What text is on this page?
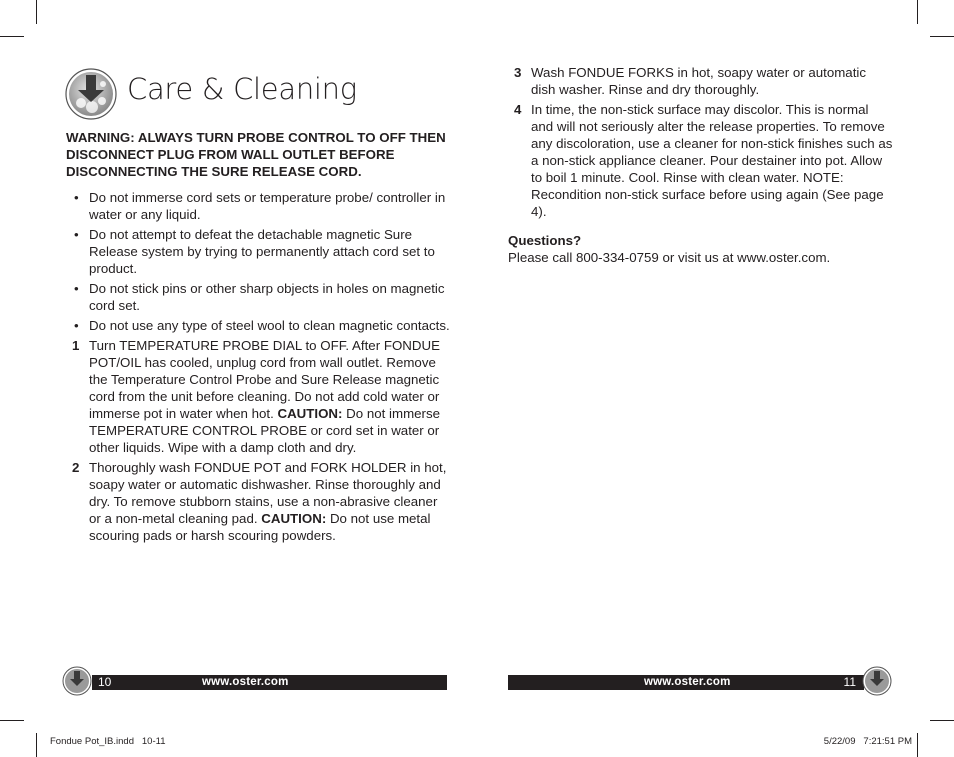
Care & Cleaning

WARNING: ALWAYS TURN PROBE CONTROL TO OFF THEN DISCONNECT PLUG FROM WALL OUTLET BEFORE DISCONNECTING THE SURE RELEASE CORD.

• Do not immerse cord sets or temperature probe/ controller in water or any liquid.
• Do not attempt to defeat the detachable magnetic Sure Release system by trying to permanently attach cord set to product.
• Do not stick pins or other sharp objects in holes on magnetic cord set.
• Do not use any type of steel wool to clean magnetic contacts.
1 Turn TEMPERATURE PROBE DIAL to OFF. After FONDUE POT/OIL has cooled, unplug cord from wall outlet. Remove the Temperature Control Probe and Sure Release magnetic cord from the unit before cleaning. Do not add cold water or immerse pot in water when hot. CAUTION: Do not immerse TEMPERATURE CONTROL PROBE or cord set in water or other liquids. Wipe with a damp cloth and dry.
2 Thoroughly wash FONDUE POT and FORK HOLDER in hot, soapy water or automatic dishwasher. Rinse thoroughly and dry. To remove stubborn stains, use a non-abrasive cleaner or a non-metal cleaning pad. CAUTION: Do not use metal scouring pads or harsh scouring powders.
3 Wash FONDUE FORKS in hot, soapy water or automatic dish washer. Rinse and dry thoroughly.
4 In time, the non-stick surface may discolor. This is normal and will not seriously alter the release properties. To remove any discoloration, use a cleaner for non-stick finishes such as a non-stick appliance cleaner. Pour destainer into pot. Allow to boil 1 minute. Cool. Rinse with clean water. NOTE: Recondition non-stick surface before using again (See page 4).
Questions?
Please call 800-334-0759 or visit us at www.oster.com.
10	www.oster.com	www.oster.com	11
Fondue Pot_IB.indd   10-11	5/22/09   7:21:51 PM
